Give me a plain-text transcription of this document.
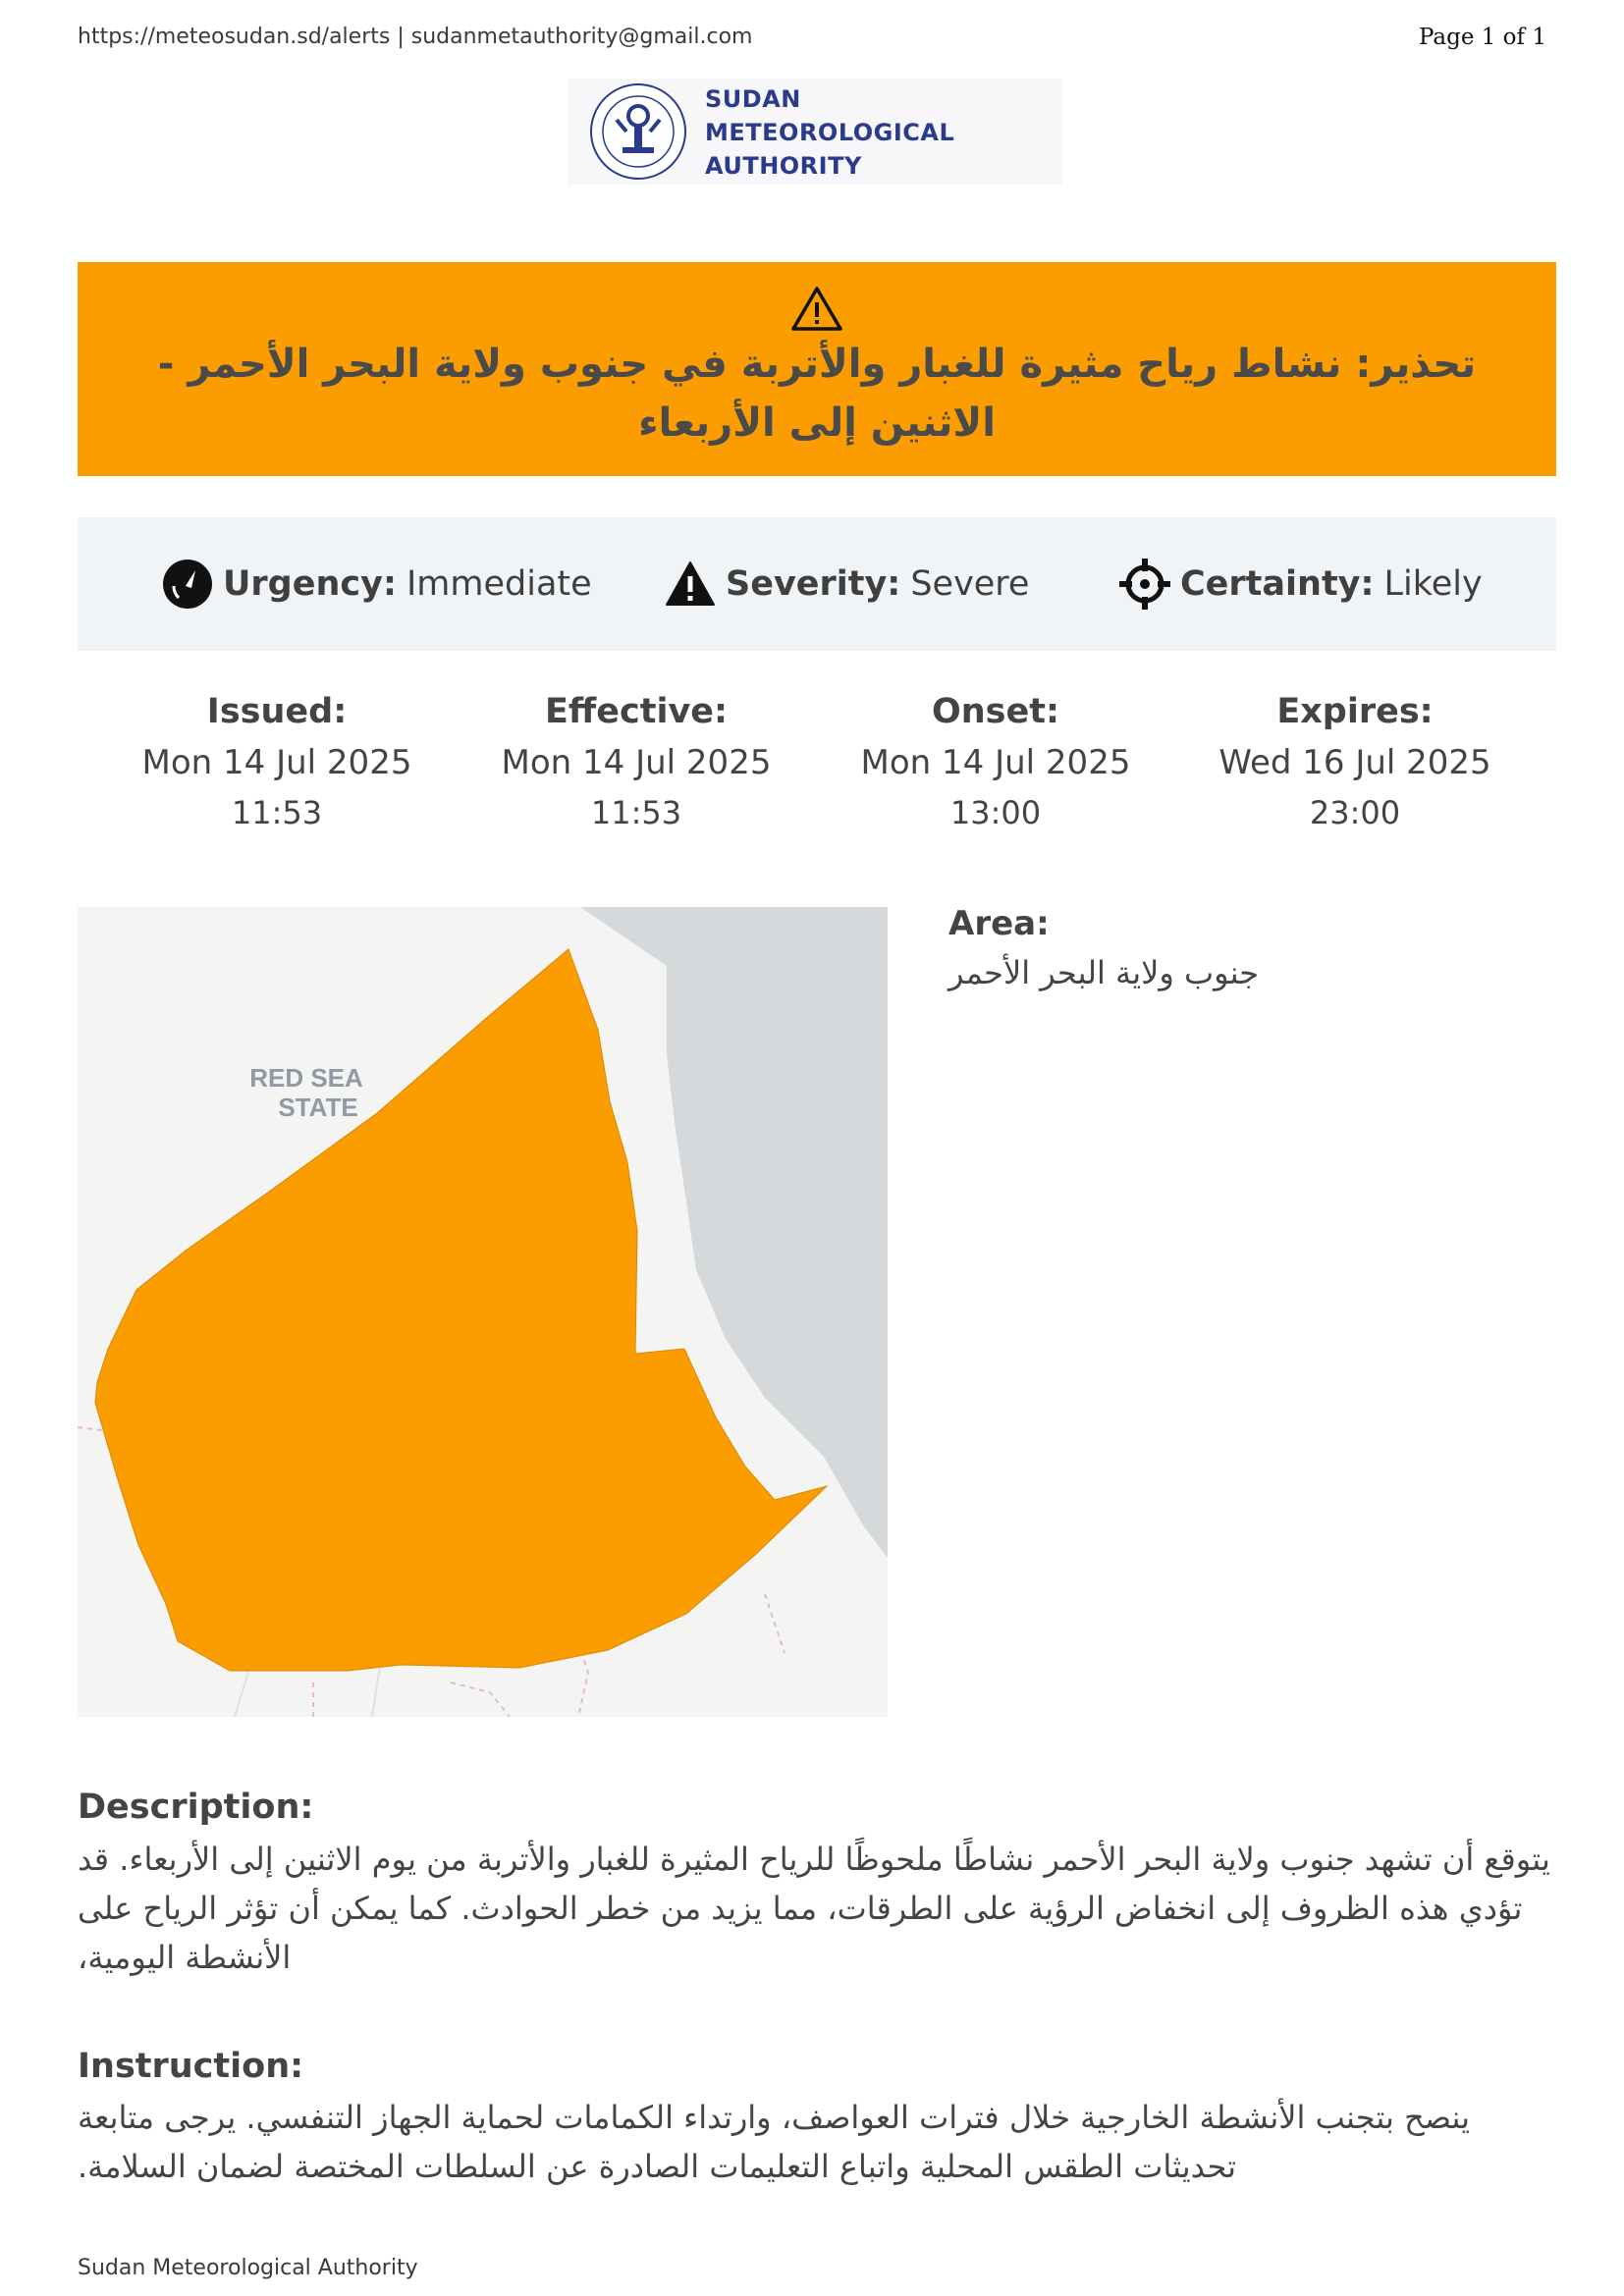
https://meteosudan.sd/alerts | sudanmetauthority@gmail.com	Page 1 of 1
SUDAN
METEOROLOGICAL
AUTHORITY
تحذير: نشاط رياح مثيرة للغبار والأتربة في جنوب ولاية البحر الأحمر - الاثنين إلى الأربعاء
Urgency: Immediate	Severity: Severe	Certainty: Likely
Issued:
Mon 14 Jul 2025
11:53
Effective:
Mon 14 Jul 2025
11:53
Onset:
Mon 14 Jul 2025
13:00
Expires:
Wed 16 Jul 2025
23:00
RED SEA
STATE
Area:
جنوب ولاية البحر الأحمر
Description:
يتوقع أن تشهد جنوب ولاية البحر الأحمر نشاطًا ملحوظًا للرياح المثيرة للغبار والأتربة من يوم الاثنين إلى الأربعاء. قد تؤدي هذه الظروف إلى انخفاض الرؤية على الطرقات، مما يزيد من خطر الحوادث. كما يمكن أن تؤثر الرياح على الأنشطة اليومية،
Instruction:
ينصح بتجنب الأنشطة الخارجية خلال فترات العواصف، وارتداء الكمامات لحماية الجهاز التنفسي. يرجى متابعة تحديثات الطقس المحلية واتباع التعليمات الصادرة عن السلطات المختصة لضمان السلامة.
Sudan Meteorological Authority
